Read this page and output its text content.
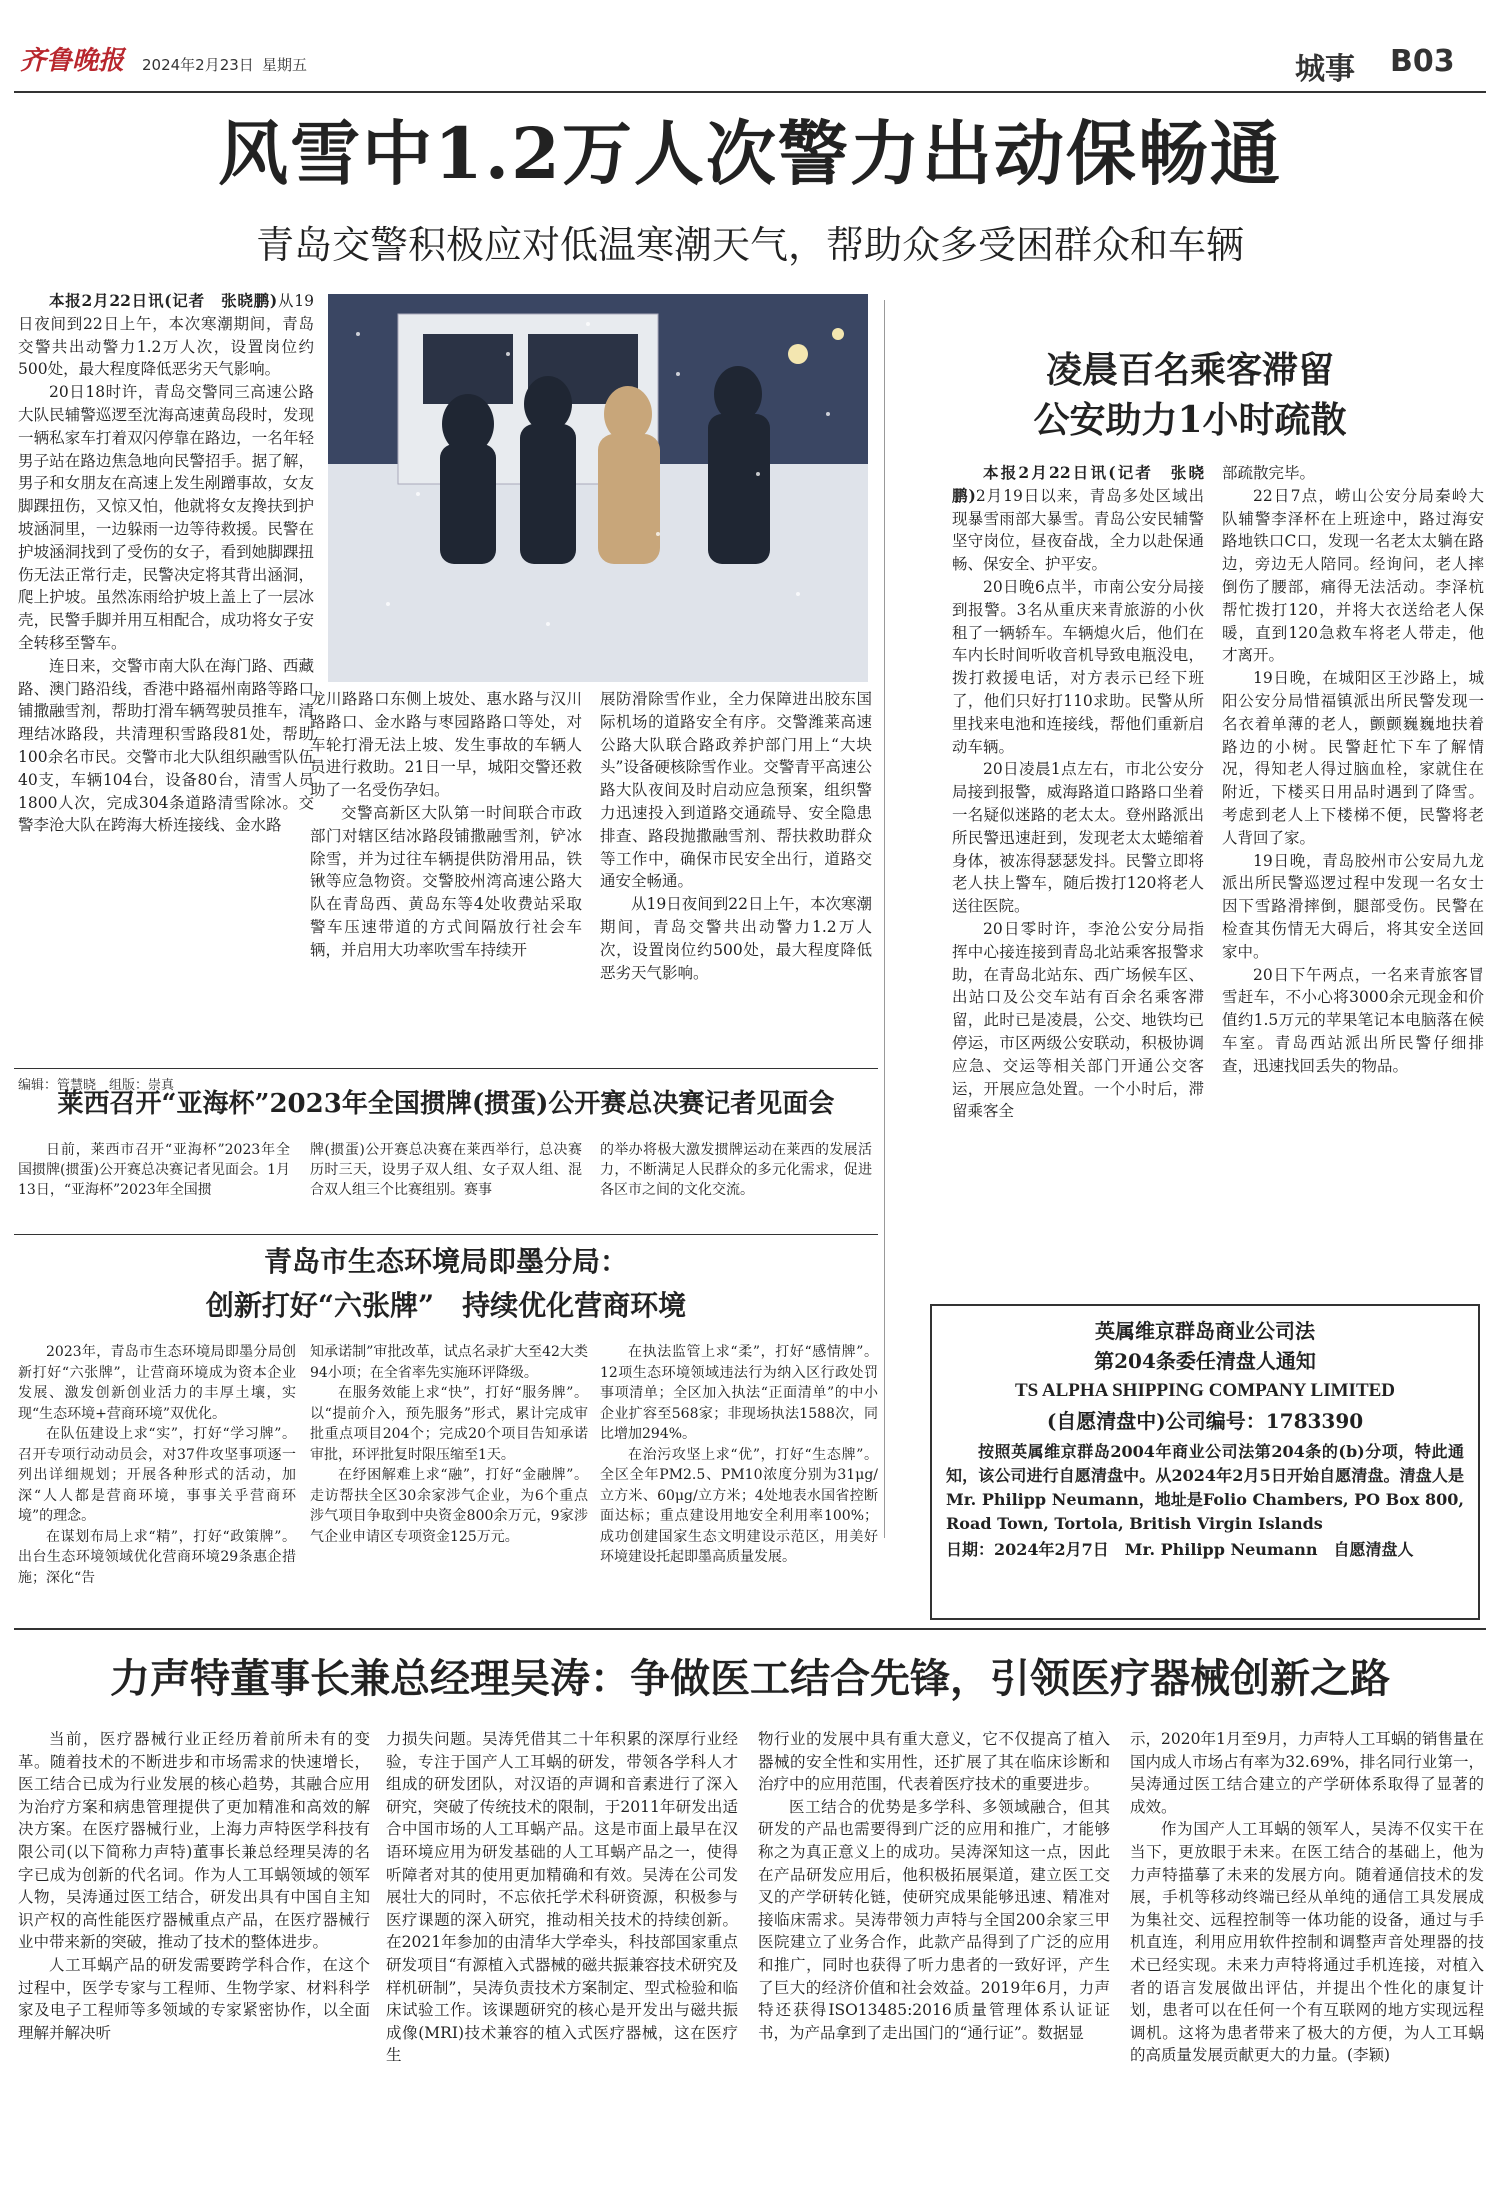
齐鲁晚报 2024年2月23日 星期五	城事 B03
风雪中1.2万人次警力出动保畅通
青岛交警积极应对低温寒潮天气，帮助众多受困群众和车辆

本报2月22日讯(记者　张晓鹏)从19日夜间到22日上午，本次寒潮期间，青岛交警共出动警力1.2万人次，设置岗位约500处，最大程度降低恶劣天气影响。

20日18时许，青岛交警同三高速公路大队民辅警巡逻至沈海高速黄岛段时，发现一辆私家车打着双闪停靠在路边，一名年轻男子站在路边焦急地向民警招手。据了解，男子和女朋友在高速上发生剐蹭事故，女友脚踝扭伤，又惊又怕，他就将女友搀扶到护坡涵洞里，一边躲雨一边等待救援。民警在护坡涵洞找到了受伤的女子，看到她脚踝扭伤无法正常行走，民警决定将其背出涵洞，爬上护坡。虽然冻雨给护坡上盖上了一层冰壳，民警手脚并用互相配合，成功将女子安全转移至警车。

连日来，交警市南大队在海门路、西藏路、澳门路沿线，香港中路福州南路等路口铺撒融雪剂，帮助打滑车辆驾驶员推车，清理结冰路段，共清理积雪路段81处，帮助100余名市民。交警市北大队组织融雪队伍40支，车辆104台，设备80台，清雪人员1800人次，完成304条道路清雪除冰。交警李沧大队在跨海大桥连接线、金水路

龙川路路口东侧上坡处、惠水路与汉川路路口、金水路与枣园路路口等处，对车轮打滑无法上坡、发生事故的车辆人员进行救助。21日一早，城阳交警还救助了一名受伤孕妇。

交警高新区大队第一时间联合市政部门对辖区结冰路段铺撒融雪剂，铲冰除雪，并为过往车辆提供防滑用品，铁锹等应急物资。交警胶州湾高速公路大队在青岛西、黄岛东等4处收费站采取警车压速带道的方式间隔放行社会车辆，并启用大功率吹雪车持续开

展防滑除雪作业，全力保障进出胶东国际机场的道路安全有序。交警潍莱高速公路大队联合路政养护部门用上“大块头”设备硬核除雪作业。交警青平高速公路大队夜间及时启动应急预案，组织警力迅速投入到道路交通疏导、安全隐患排查、路段抛撒融雪剂、帮扶救助群众等工作中，确保市民安全出行，道路交通安全畅通。

从19日夜间到22日上午，本次寒潮期间，青岛交警共出动警力1.2万人次，设置岗位约500处，最大程度降低恶劣天气影响。

编辑：管慧晓　组版：崇真
凌晨百名乘客滞留
公安助力1小时疏散

本报2月22日讯(记者　张晓鹏)2月19日以来，青岛多处区域出现暴雪雨部大暴雪。青岛公安民辅警坚守岗位，昼夜奋战，全力以赴保通畅、保安全、护平安。

20日晚6点半，市南公安分局接到报警。3名从重庆来青旅游的小伙租了一辆轿车。车辆熄火后，他们在车内长时间听收音机导致电瓶没电，拨打救援电话，对方表示已经下班了，他们只好打110求助。民警从所里找来电池和连接线，帮他们重新启动车辆。

20日凌晨1点左右，市北公安分局接到报警，威海路道口路路口坐着一名疑似迷路的老太太。登州路派出所民警迅速赶到，发现老太太蜷缩着身体，被冻得瑟瑟发抖。民警立即将老人扶上警车，随后拨打120将老人送往医院。

20日零时许，李沧公安分局指挥中心接连接到青岛北站乘客报警求助，在青岛北站东、西广场候车区、出站口及公交车站有百余名乘客滞留，此时已是凌晨，公交、地铁均已停运，市区两级公安联动，积极协调应急、交运等相关部门开通公交客运，开展应急处置。一个小时后，滞留乘客全

部疏散完毕。

22日7点，崂山公安分局秦岭大队辅警李泽杯在上班途中，路过海安路地铁口C口，发现一名老太太躺在路边，旁边无人陪同。经询问，老人摔倒伤了腰部，痛得无法活动。李泽杭帮忙拨打120，并将大衣送给老人保暖，直到120急救车将老人带走，他才离开。

19日晚，在城阳区王沙路上，城阳公安分局惜福镇派出所民警发现一名衣着单薄的老人，颤颤巍巍地扶着路边的小树。民警赶忙下车了解情况，得知老人得过脑血栓，家就住在附近，下楼买日用品时遇到了降雪。考虑到老人上下楼梯不便，民警将老人背回了家。

19日晚，青岛胶州市公安局九龙派出所民警巡逻过程中发现一名女士因下雪路滑摔倒，腿部受伤。民警在检查其伤情无大碍后，将其安全送回家中。

20日下午两点，一名来青旅客冒雪赶车，不小心将3000余元现金和价值约1.5万元的苹果笔记本电脑落在候车室。青岛西站派出所民警仔细排查，迅速找回丢失的物品。

莱西召开“亚海杯”2023年全国掼牌(掼蛋)公开赛总决赛记者见面会

日前，莱西市召开“亚海杯”2023年全国掼牌(掼蛋)公开赛总决赛记者见面会。1月13日，“亚海杯”2023年全国掼

牌(掼蛋)公开赛总决赛在莱西举行，总决赛历时三天，设男子双人组、女子双人组、混合双人组三个比赛组别。赛事

的举办将极大激发掼牌运动在莱西的发展活力，不断满足人民群众的多元化需求，促进各区市之间的文化交流。

青岛市生态环境局即墨分局：
创新打好“六张牌”　持续优化营商环境

2023年，青岛市生态环境局即墨分局创新打好“六张牌”，让营商环境成为资本企业发展、激发创新创业活力的丰厚土壤，实现“生态环境+营商环境”双优化。

在队伍建设上求“实”，打好“学习牌”。召开专项行动动员会，对37件攻坚事项逐一列出详细规划；开展各种形式的活动，加深“人人都是营商环境，事事关乎营商环境”的理念。

在谋划布局上求“精”，打好“政策牌”。出台生态环境领域优化营商环境29条惠企措施；深化“告

知承诺制”审批改革，试点名录扩大至42大类94小项；在全省率先实施环评降级。

在服务效能上求“快”，打好“服务牌”。以“提前介入，预先服务”形式，累计完成审批重点项目204个；完成20个项目告知承诺审批，环评批复时限压缩至1天。

在纾困解难上求“融”，打好“金融牌”。走访帮扶全区30余家涉气企业，为6个重点涉气项目争取到中央资金800余万元，9家涉气企业申请区专项资金125万元。

在执法监管上求“柔”，打好“感情牌”。12项生态环境领域违法行为纳入区行政处罚事项清单；全区加入执法“正面清单”的中小企业扩容至568家；非现场执法1588次，同比增加294%。

在治污攻坚上求“优”，打好“生态牌”。全区全年PM2.5、PM10浓度分别为31μg/立方米、60μg/立方米；4处地表水国省控断面达标；重点建设用地安全利用率100%；成功创建国家生态文明建设示范区，用美好环境建设托起即墨高质量发展。

英属维京群岛商业公司法
第204条委任清盘人通知
TS ALPHA SHIPPING COMPANY LIMITED
(自愿清盘中)公司编号：1783390
按照英属维京群岛2004年商业公司法第204条的(b)分项，特此通知，该公司进行自愿清盘中。从2024年2月5日开始自愿清盘。清盘人是Mr. Philipp Neumann，地址是Folio Chambers, PO Box 800, Road Town, Tortola, British Virgin Islands
日期：2024年2月7日　Mr. Philipp Neumann　自愿清盘人
力声特董事长兼总经理吴涛：争做医工结合先锋，引领医疗器械创新之路

当前，医疗器械行业正经历着前所未有的变革。随着技术的不断进步和市场需求的快速增长，医工结合已成为行业发展的核心趋势，其融合应用为治疗方案和病患管理提供了更加精准和高效的解决方案。在医疗器械行业，上海力声特医学科技有限公司(以下简称力声特)董事长兼总经理吴涛的名字已成为创新的代名词。作为人工耳蜗领域的领军人物，吴涛通过医工结合，研发出具有中国自主知识产权的高性能医疗器械重点产品，在医疗器械行业中带来新的突破，推动了技术的整体进步。

人工耳蜗产品的研发需要跨学科合作，在这个过程中，医学专家与工程师、生物学家、材料科学家及电子工程师等多领域的专家紧密协作，以全面理解并解决听

力损失问题。吴涛凭借其二十年积累的深厚行业经验，专注于国产人工耳蜗的研发，带领各学科人才组成的研发团队，对汉语的声调和音素进行了深入研究，突破了传统技术的限制，于2011年研发出适合中国市场的人工耳蜗产品。这是市面上最早在汉语环境应用为研发基础的人工耳蜗产品之一，使得听障者对其的使用更加精确和有效。吴涛在公司发展壮大的同时，不忘依托学术科研资源，积极参与医疗课题的深入研究，推动相关技术的持续创新。在2021年参加的由清华大学牵头，科技部国家重点研发项目“有源植入式器械的磁共振兼容技术研究及样机研制”，吴涛负责技术方案制定、型式检验和临床试验工作。该课题研究的核心是开发出与磁共振成像(MRI)技术兼容的植入式医疗器械，这在医疗生

物行业的发展中具有重大意义，它不仅提高了植入器械的安全性和实用性，还扩展了其在临床诊断和治疗中的应用范围，代表着医疗技术的重要进步。

医工结合的优势是多学科、多领域融合，但其研发的产品也需要得到广泛的应用和推广，才能够称之为真正意义上的成功。吴涛深知这一点，因此在产品研发应用后，他积极拓展渠道，建立医工交叉的产学研转化链，使研究成果能够迅速、精准对接临床需求。吴涛带领力声特与全国200余家三甲医院建立了业务合作，此款产品得到了广泛的应用和推广，同时也获得了听力患者的一致好评，产生了巨大的经济价值和社会效益。2019年6月，力声特还获得ISO13485:2016质量管理体系认证证书，为产品拿到了走出国门的“通行证”。数据显

示，2020年1月至9月，力声特人工耳蜗的销售量在国内成人市场占有率为32.69%，排名同行业第一，吴涛通过医工结合建立的产学研体系取得了显著的成效。

作为国产人工耳蜗的领军人，吴涛不仅实干在当下，更放眼于未来。在医工结合的基础上，他为力声特描摹了未来的发展方向。随着通信技术的发展，手机等移动终端已经从单纯的通信工具发展成为集社交、远程控制等一体功能的设备，通过与手机直连，利用应用软件控制和调整声音处理器的技术已经实现。未来力声特将通过手机连接，对植入者的语言发展做出评估，并提出个性化的康复计划，患者可以在任何一个有互联网的地方实现远程调机。这将为患者带来了极大的方便，为人工耳蜗的高质量发展贡献更大的力量。(李颖)
